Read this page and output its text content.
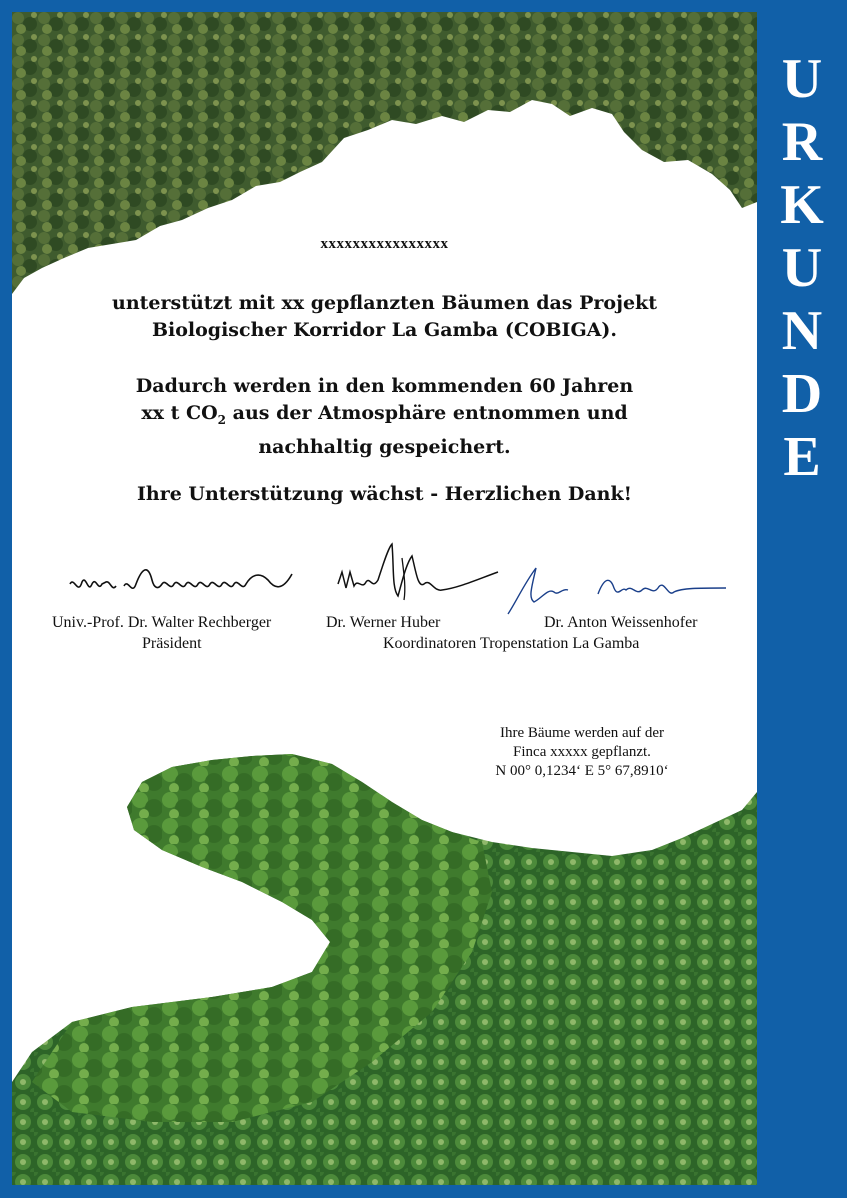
xxxxxxxxxxxxxxxx
unterstützt mit xx gepflanzten Bäumen das Projekt
Biologischer Korridor La Gamba (COBIGA).
Dadurch werden in den kommenden 60 Jahren
xx t $CO_2$ aus der Atmosphäre entnommen und
nachhaltig gespeichert.
Ihre Unterstützung wächst - Herzlichen Dank!
Univ.-Prof. Dr. Walter Rechberger
Präsident
Dr. Werner Huber	Dr. Anton Weissenhofer
Koordinatoren Tropenstation La Gamba
Ihre Bäume werden auf der
Finca xxxxx gepflanzt.
N 00° 0,1234‘ E 5° 67,8910‘
U
R
K
U
N
D
E
